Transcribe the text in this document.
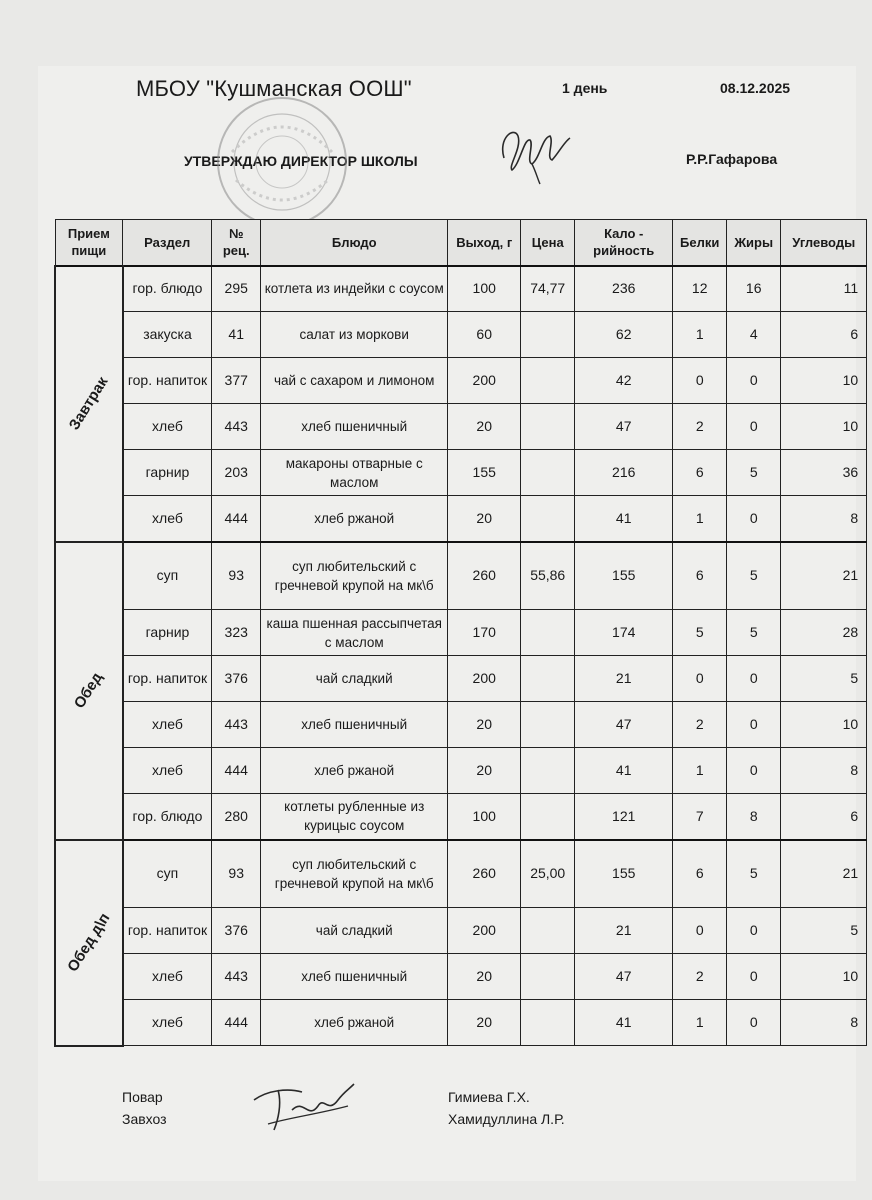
МБОУ "Кушманская ООШ"	1 день	08.12.2025
УТВЕРЖДАЮ ДИРЕКТОР ШКОЛЫ	Р.Р.Гафарова
Прием пищи	Раздел	№ рец.	Блюдо	Выход, г	Цена	Кало - рийность	Белки	Жиры	Углеводы
Завтрак	гор. блюдо	295	котлета из индейки с соусом	100	74,77	236	12	16	11
	закуска	41	салат из моркови	60		62	1	4	6
	гор. напиток	377	чай с сахаром и лимоном	200		42	0	0	10
	хлеб	443	хлеб пшеничный	20		47	2	0	10
	гарнир	203	макароны отварные с маслом	155		216	6	5	36
	хлеб	444	хлеб ржаной	20		41	1	0	8
Обед	суп	93	суп любительский с гречневой крупой на мк\б	260	55,86	155	6	5	21
	гарнир	323	каша пшенная рассыпчетая с маслом	170		174	5	5	28
	гор. напиток	376	чай сладкий	200		21	0	0	5
	хлеб	443	хлеб пшеничный	20		47	2	0	10
	хлеб	444	хлеб ржаной	20		41	1	0	8
	гор. блюдо	280	котлеты рубленные из курицыс соусом	100		121	7	8	6
Обед д\п	суп	93	суп любительский с гречневой крупой на мк\б	260	25,00	155	6	5	21
	гор. напиток	376	чай сладкий	200		21	0	0	5
	хлеб	443	хлеб пшеничный	20		47	2	0	10
	хлеб	444	хлеб ржаной	20		41	1	0	8
Повар
Завхоз
Гимиева Г.Х.
Хамидуллина Л.Р.
